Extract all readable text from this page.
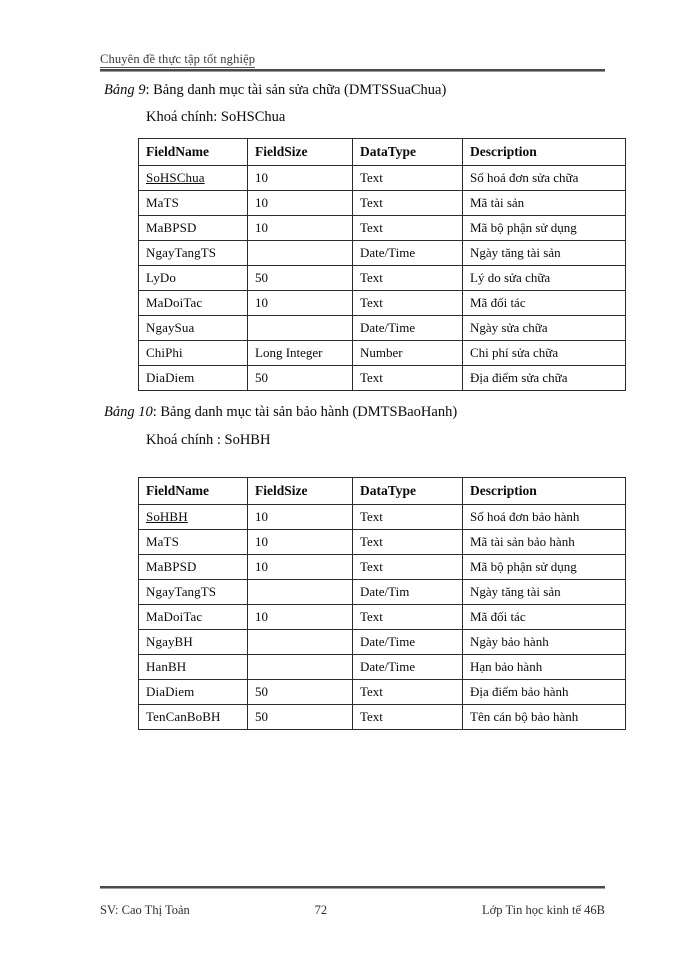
Chuyên đề thực tập tốt nghiệp
Bảng 9: Bảng danh mục tài sản sửa chữa (DMTSSuaChua)
Khoá chính: SoHSChua
FieldName	FieldSize	DataType	Description
SoHSChua	10	Text	Số hoá đơn sửa chữa
MaTS	10	Text	Mã tài sản
MaBPSD	10	Text	Mã bộ phận sử dụng
NgayTangTS		Date/Time	Ngày tăng tài sản
LyDo	50	Text	Lý do sửa chữa
MaDoiTac	10	Text	Mã đối tác
NgaySua		Date/Time	Ngày sửa chữa
ChiPhi	Long Integer	Number	Chi phí sửa chữa
DiaDiem	50	Text	Địa điểm sửa chữa
Bảng 10: Bảng danh mục tài sản bảo hành (DMTSBaoHanh)
Khoá chính : SoHBH
FieldName	FieldSize	DataType	Description
SoHBH	10	Text	Số hoá đơn bảo hành
MaTS	10	Text	Mã tài sản bảo hành
MaBPSD	10	Text	Mã bộ phận sử dụng
NgayTangTS		Date/Tim	Ngày tăng tài sản
MaDoiTac	10	Text	Mã đối tác
NgayBH		Date/Time	Ngày bảo hành
HanBH		Date/Time	Hạn bảo hành
DiaDiem	50	Text	Địa điểm bảo hành
TenCanBoBH	50	Text	Tên cán bộ bảo hành
SV: Cao Thị Toản	72	Lớp Tin học kinh tế 46B
